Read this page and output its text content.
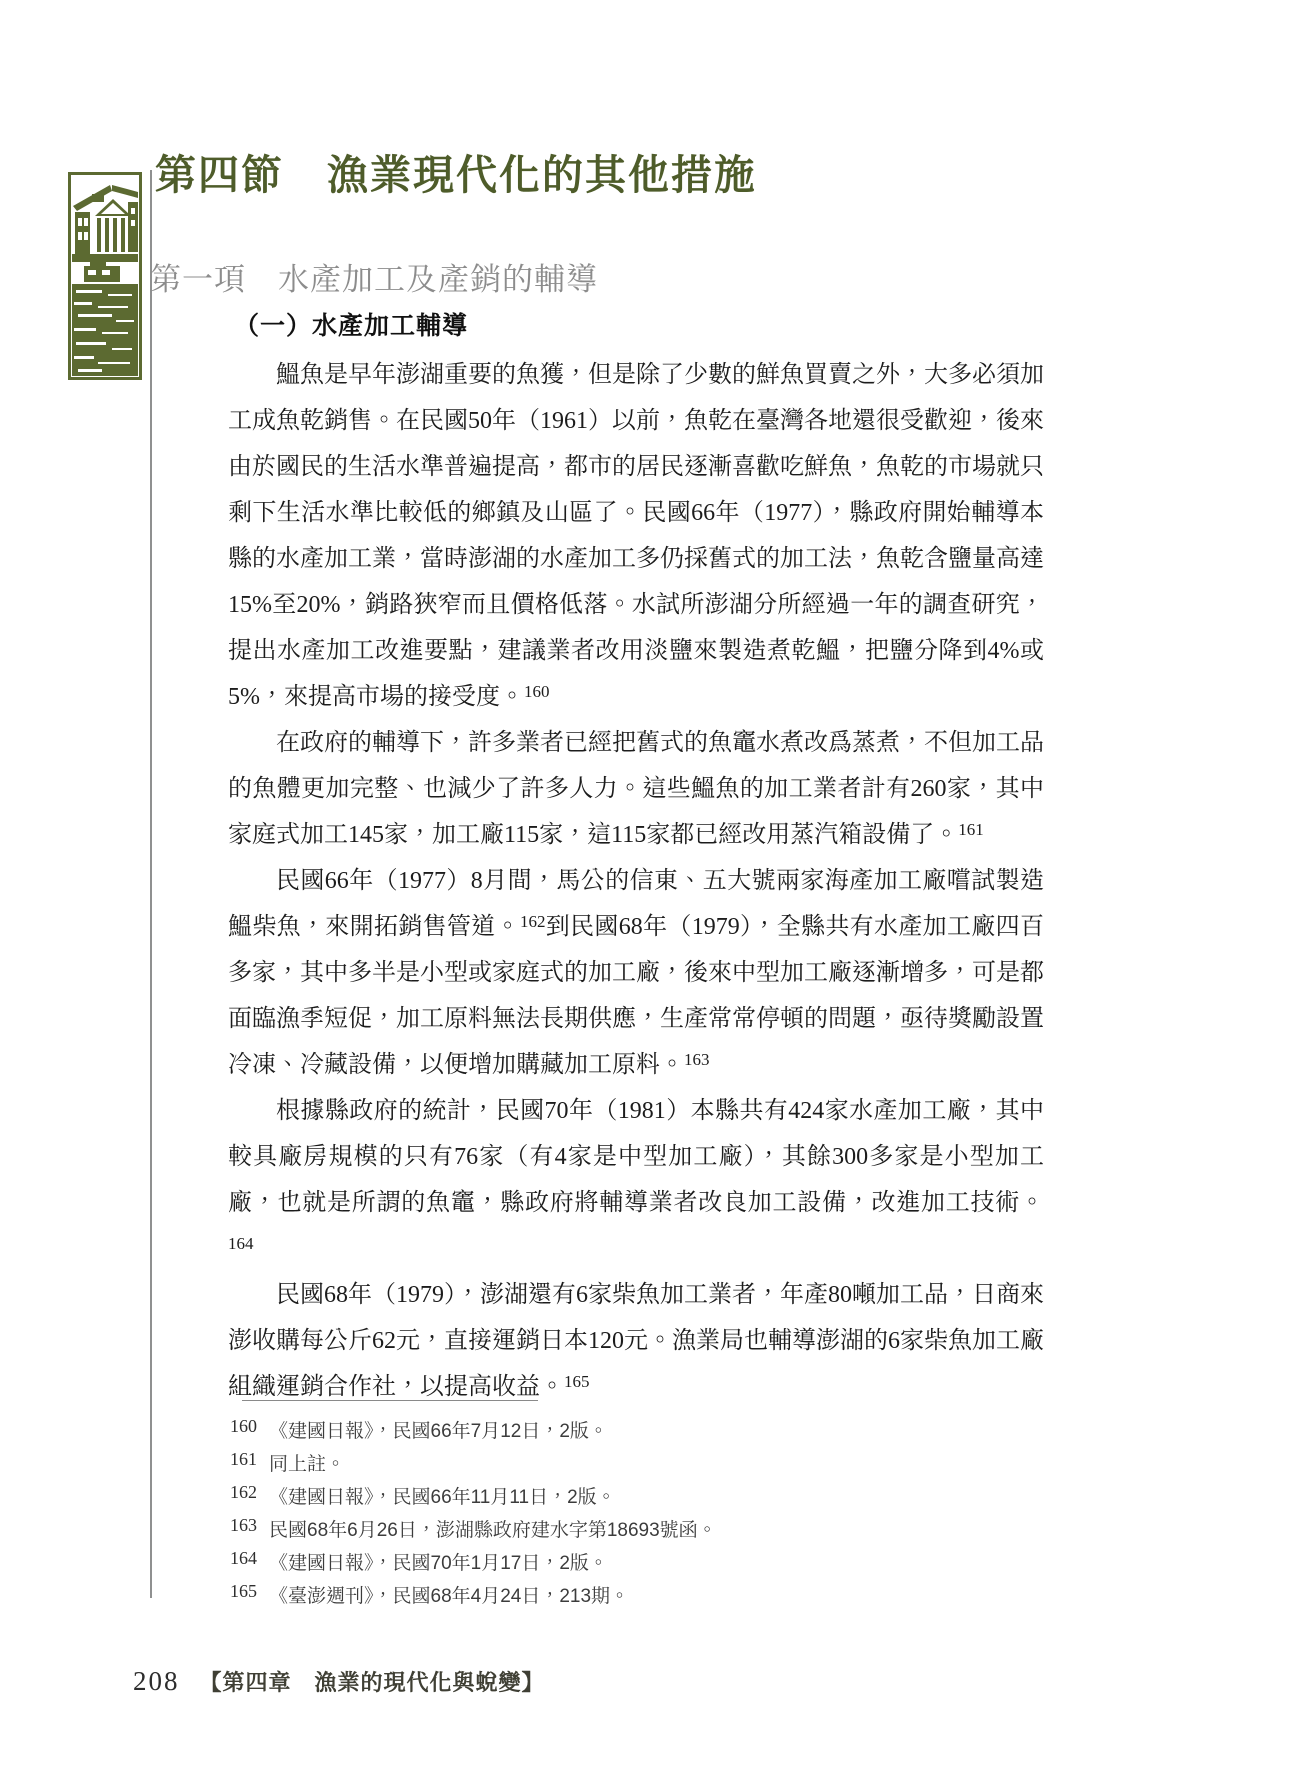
第四節　漁業現代化的其他措施
第一項　水產加工及產銷的輔導
（一）水產加工輔導

鰮魚是早年澎湖重要的魚獲，但是除了少數的鮮魚買賣之外，大多必須加工成魚乾銷售。在民國50年（1961）以前，魚乾在臺灣各地還很受歡迎，後來由於國民的生活水準普遍提高，都市的居民逐漸喜歡吃鮮魚，魚乾的市場就只剩下生活水準比較低的鄉鎮及山區了。民國66年（1977），縣政府開始輔導本縣的水產加工業，當時澎湖的水產加工多仍採舊式的加工法，魚乾含鹽量高達15%至20%，銷路狹窄而且價格低落。水試所澎湖分所經過一年的調查研究，提出水產加工改進要點，建議業者改用淡鹽來製造煮乾鰮，把鹽分降到4%或5%，來提高市場的接受度。$^{160}$

在政府的輔導下，許多業者已經把舊式的魚竈水煮改爲蒸煮，不但加工品的魚體更加完整、也減少了許多人力。這些鰮魚的加工業者計有260家，其中家庭式加工145家，加工廠115家，這115家都已經改用蒸汽箱設備了。$^{161}$

民國66年（1977）8月間，馬公的信東、五大號兩家海產加工廠嚐試製造鰮柴魚，來開拓銷售管道。$^{162}$到民國68年（1979），全縣共有水產加工廠四百多家，其中多半是小型或家庭式的加工廠，後來中型加工廠逐漸增多，可是都面臨漁季短促，加工原料無法長期供應，生產常常停頓的問題，亟待獎勵設置冷凍、冷藏設備，以便增加購藏加工原料。$^{163}$

根據縣政府的統計，民國70年（1981）本縣共有424家水產加工廠，其中較具廠房規模的只有76家（有4家是中型加工廠），其餘300多家是小型加工廠，也就是所謂的魚竈，縣政府將輔導業者改良加工設備，改進加工技術。$^{164}$

民國68年（1979），澎湖還有6家柴魚加工業者，年產80噸加工品，日商來澎收購每公斤62元，直接運銷日本120元。漁業局也輔導澎湖的6家柴魚加工廠組織運銷合作社，以提高收益。$^{165}$

160 《建國日報》，民國66年7月12日，2版。
161 同上註。
162 《建國日報》，民國66年11月11日，2版。
163 民國68年6月26日，澎湖縣政府建水字第18693號函。
164 《建國日報》，民國70年1月17日，2版。
165 《臺澎週刊》，民國68年4月24日，213期。
208 【第四章　漁業的現代化與蛻變】
